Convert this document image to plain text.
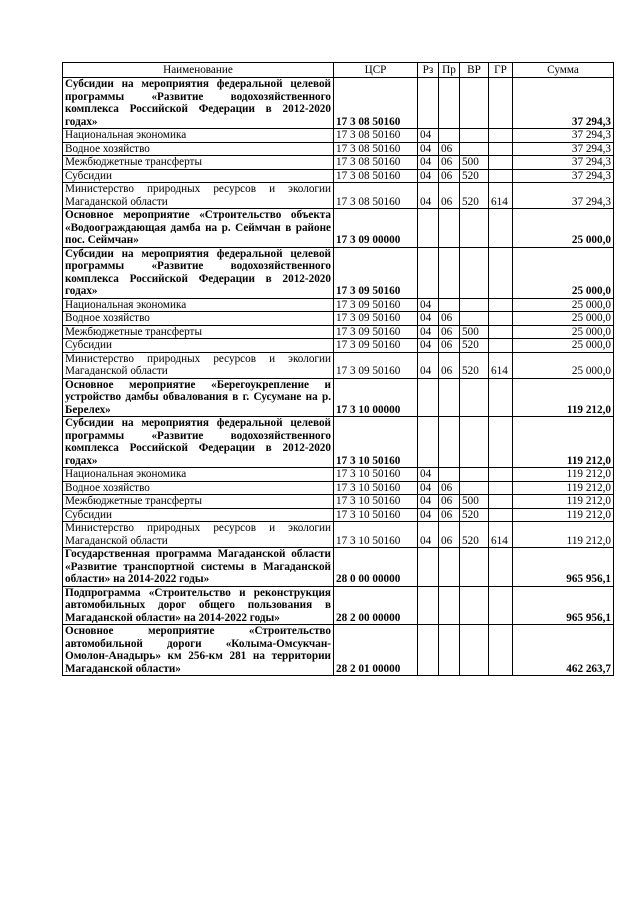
Наименование	ЦСР	Рз	Пр	ВР	ГР	Сумма
Субсидии на мероприятия федеральной целевой программы «Развитие водохозяйственного комплекса Российской Федерации в 2012-2020 годах»	17 3 08 50160					37 294,3
Национальная экономика	17 3 08 50160	04				37 294,3
Водное хозяйство	17 3 08 50160	04	06			37 294,3
Межбюджетные трансферты	17 3 08 50160	04	06	500		37 294,3
Субсидии	17 3 08 50160	04	06	520		37 294,3
Министерство природных ресурсов и экологии Магаданской области	17 3 08 50160	04	06	520	614	37 294,3
Основное мероприятие «Строительство объекта «Водоограждающая дамба на р. Сеймчан в районе пос. Сеймчан»	17 3 09 00000					25 000,0
Субсидии на мероприятия федеральной целевой программы «Развитие водохозяйственного комплекса Российской Федерации в 2012-2020 годах»	17 3 09 50160					25 000,0
Национальная экономика	17 3 09 50160	04				25 000,0
Водное хозяйство	17 3 09 50160	04	06			25 000,0
Межбюджетные трансферты	17 3 09 50160	04	06	500		25 000,0
Субсидии	17 3 09 50160	04	06	520		25 000,0
Министерство природных ресурсов и экологии Магаданской области	17 3 09 50160	04	06	520	614	25 000,0
Основное мероприятие «Берегоукрепление и устройство дамбы обвалования в г. Сусумане на р. Берелех»	17 3 10 00000					119 212,0
Субсидии на мероприятия федеральной целевой программы «Развитие водохозяйственного комплекса Российской Федерации в 2012-2020 годах»	17 3 10 50160					119 212,0
Национальная экономика	17 3 10 50160	04				119 212,0
Водное хозяйство	17 3 10 50160	04	06			119 212,0
Межбюджетные трансферты	17 3 10 50160	04	06	500		119 212,0
Субсидии	17 3 10 50160	04	06	520		119 212,0
Министерство природных ресурсов и экологии Магаданской области	17 3 10 50160	04	06	520	614	119 212,0
Государственная программа Магаданской области «Развитие транспортной системы в Магаданской области» на 2014-2022 годы»	28 0 00 00000					965 956,1
Подпрограмма «Строительство и реконструкция автомобильных дорог общего пользования в Магаданской области» на 2014-2022 годы»	28 2 00 00000					965 956,1
Основное мероприятие «Строительство автомобильной дороги «Колыма-Омсукчан-Омолон-Анадырь» км 256-км 281 на территории Магаданской области»	28 2 01 00000					462 263,7
